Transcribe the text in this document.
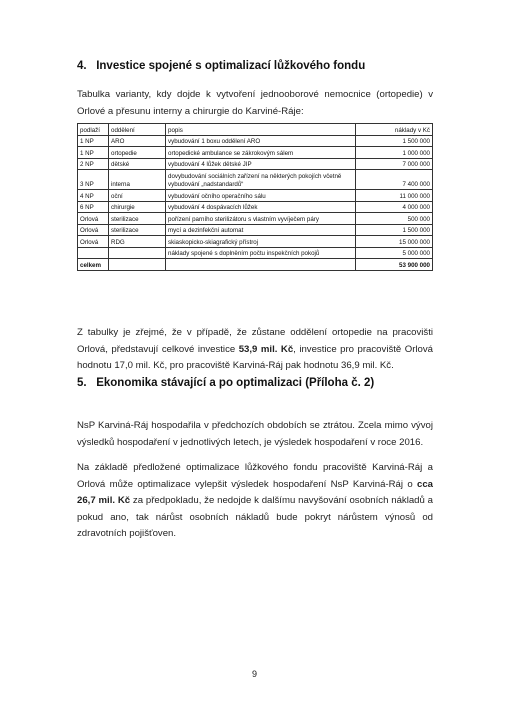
4. Investice spojené s optimalizací lůžkového fondu

Tabulka varianty, kdy dojde k vytvoření jednooborové nemocnice (ortopedie) v Orlové a přesunu interny a chirurgie do Karviné-Ráje:

podlaží	oddělení	popis	náklady v Kč
1 NP	ARO	vybudování 1 boxu oddělení ARO	1 500 000
1 NP	ortopedie	ortopedické ambulance se zákrokovým sálem	1 000 000
2 NP	dětské	vybudování 4 lůžek dětské JIP	7 000 000
3 NP	interna	dovybudování sociálních zařízení na některých pokojích včetně vybudování „nadstandardů“	7 400 000
4 NP	oční	vybudování očního operačního sálu	11 000 000
6 NP	chirurgie	vybudování 4 dospávacích lůžek	4 000 000
Orlová	sterilizace	pořízení parního sterilizátoru s vlastním vyvíječem páry	500 000
Orlová	sterilizace	mycí a dezinfekční automat	1 500 000
Orlová	RDG	skiaskopicko-skiagrafický přístroj	15 000 000
		náklady spojené s doplněním počtu inspekčních pokojů	5 000 000
celkem			53 900 000

Z tabulky je zřejmé, že v případě, že zůstane oddělení ortopedie na pracovišti Orlová, představují celkové investice 53,9 mil. Kč, investice pro pracoviště Orlová hodnotu 17,0 mil. Kč, pro pracoviště Karviná-Ráj pak hodnotu 36,9 mil. Kč.

5. Ekonomika stávající a po optimalizaci (Příloha č. 2)

NsP Karviná-Ráj hospodařila v předchozích obdobích se ztrátou. Zcela mimo vývoj výsledků hospodaření v jednotlivých letech, je výsledek hospodaření v roce 2016.

Na základě předložené optimalizace lůžkového fondu pracoviště Karviná-Ráj a Orlová může optimalizace vylepšit výsledek hospodaření NsP Karviná-Ráj o cca 26,7 mil. Kč za předpokladu, že nedojde k dalšímu navyšování osobních nákladů a pokud ano, tak nárůst osobních nákladů bude pokryt nárůstem výnosů od zdravotních pojišťoven.

9
